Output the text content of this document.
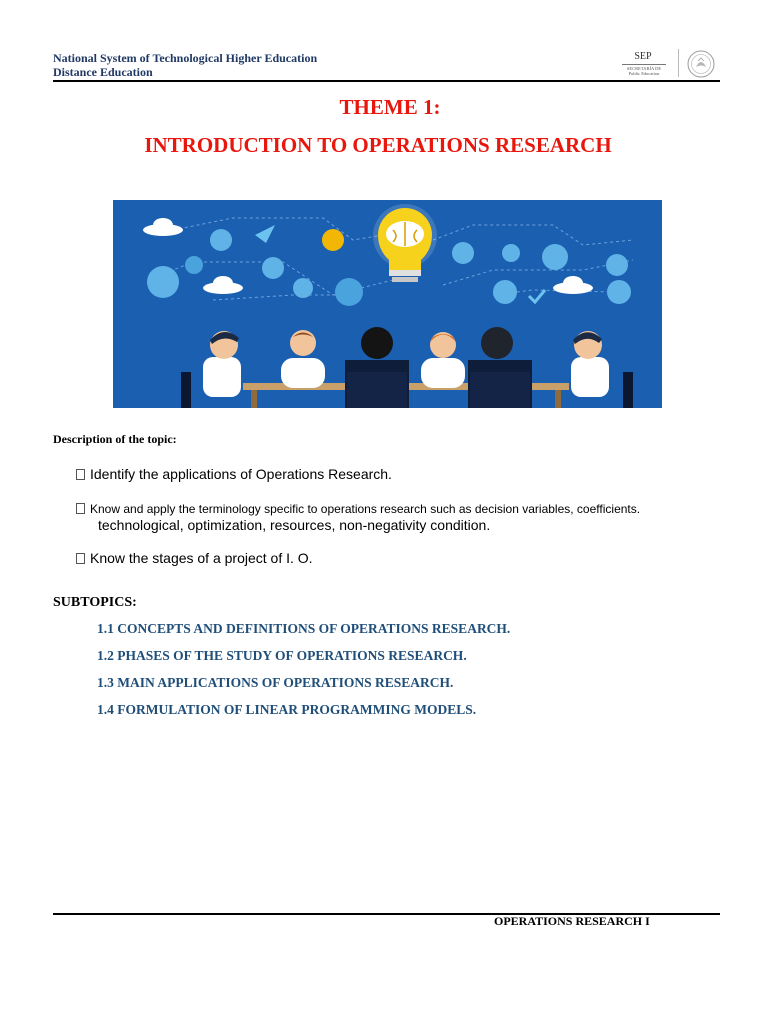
National System of Technological Higher Education
Distance Education
SEP
SECRETARÍA DE
Public Education
THEME 1:
INTRODUCTION TO OPERATIONS RESEARCH
Description of the topic:
Identify the applications of Operations Research.
Know and apply the terminology specific to operations research such as decision variables, coefficients.
technological, optimization, resources, non-negativity condition.
Know the stages of a project of I. O.
SUBTOPICS:
1.1 CONCEPTS AND DEFINITIONS OF OPERATIONS RESEARCH.
1.2 PHASES OF THE STUDY OF OPERATIONS RESEARCH.
1.3 MAIN APPLICATIONS OF OPERATIONS RESEARCH.
1.4 FORMULATION OF LINEAR PROGRAMMING MODELS.
OPERATIONS RESEARCH I
